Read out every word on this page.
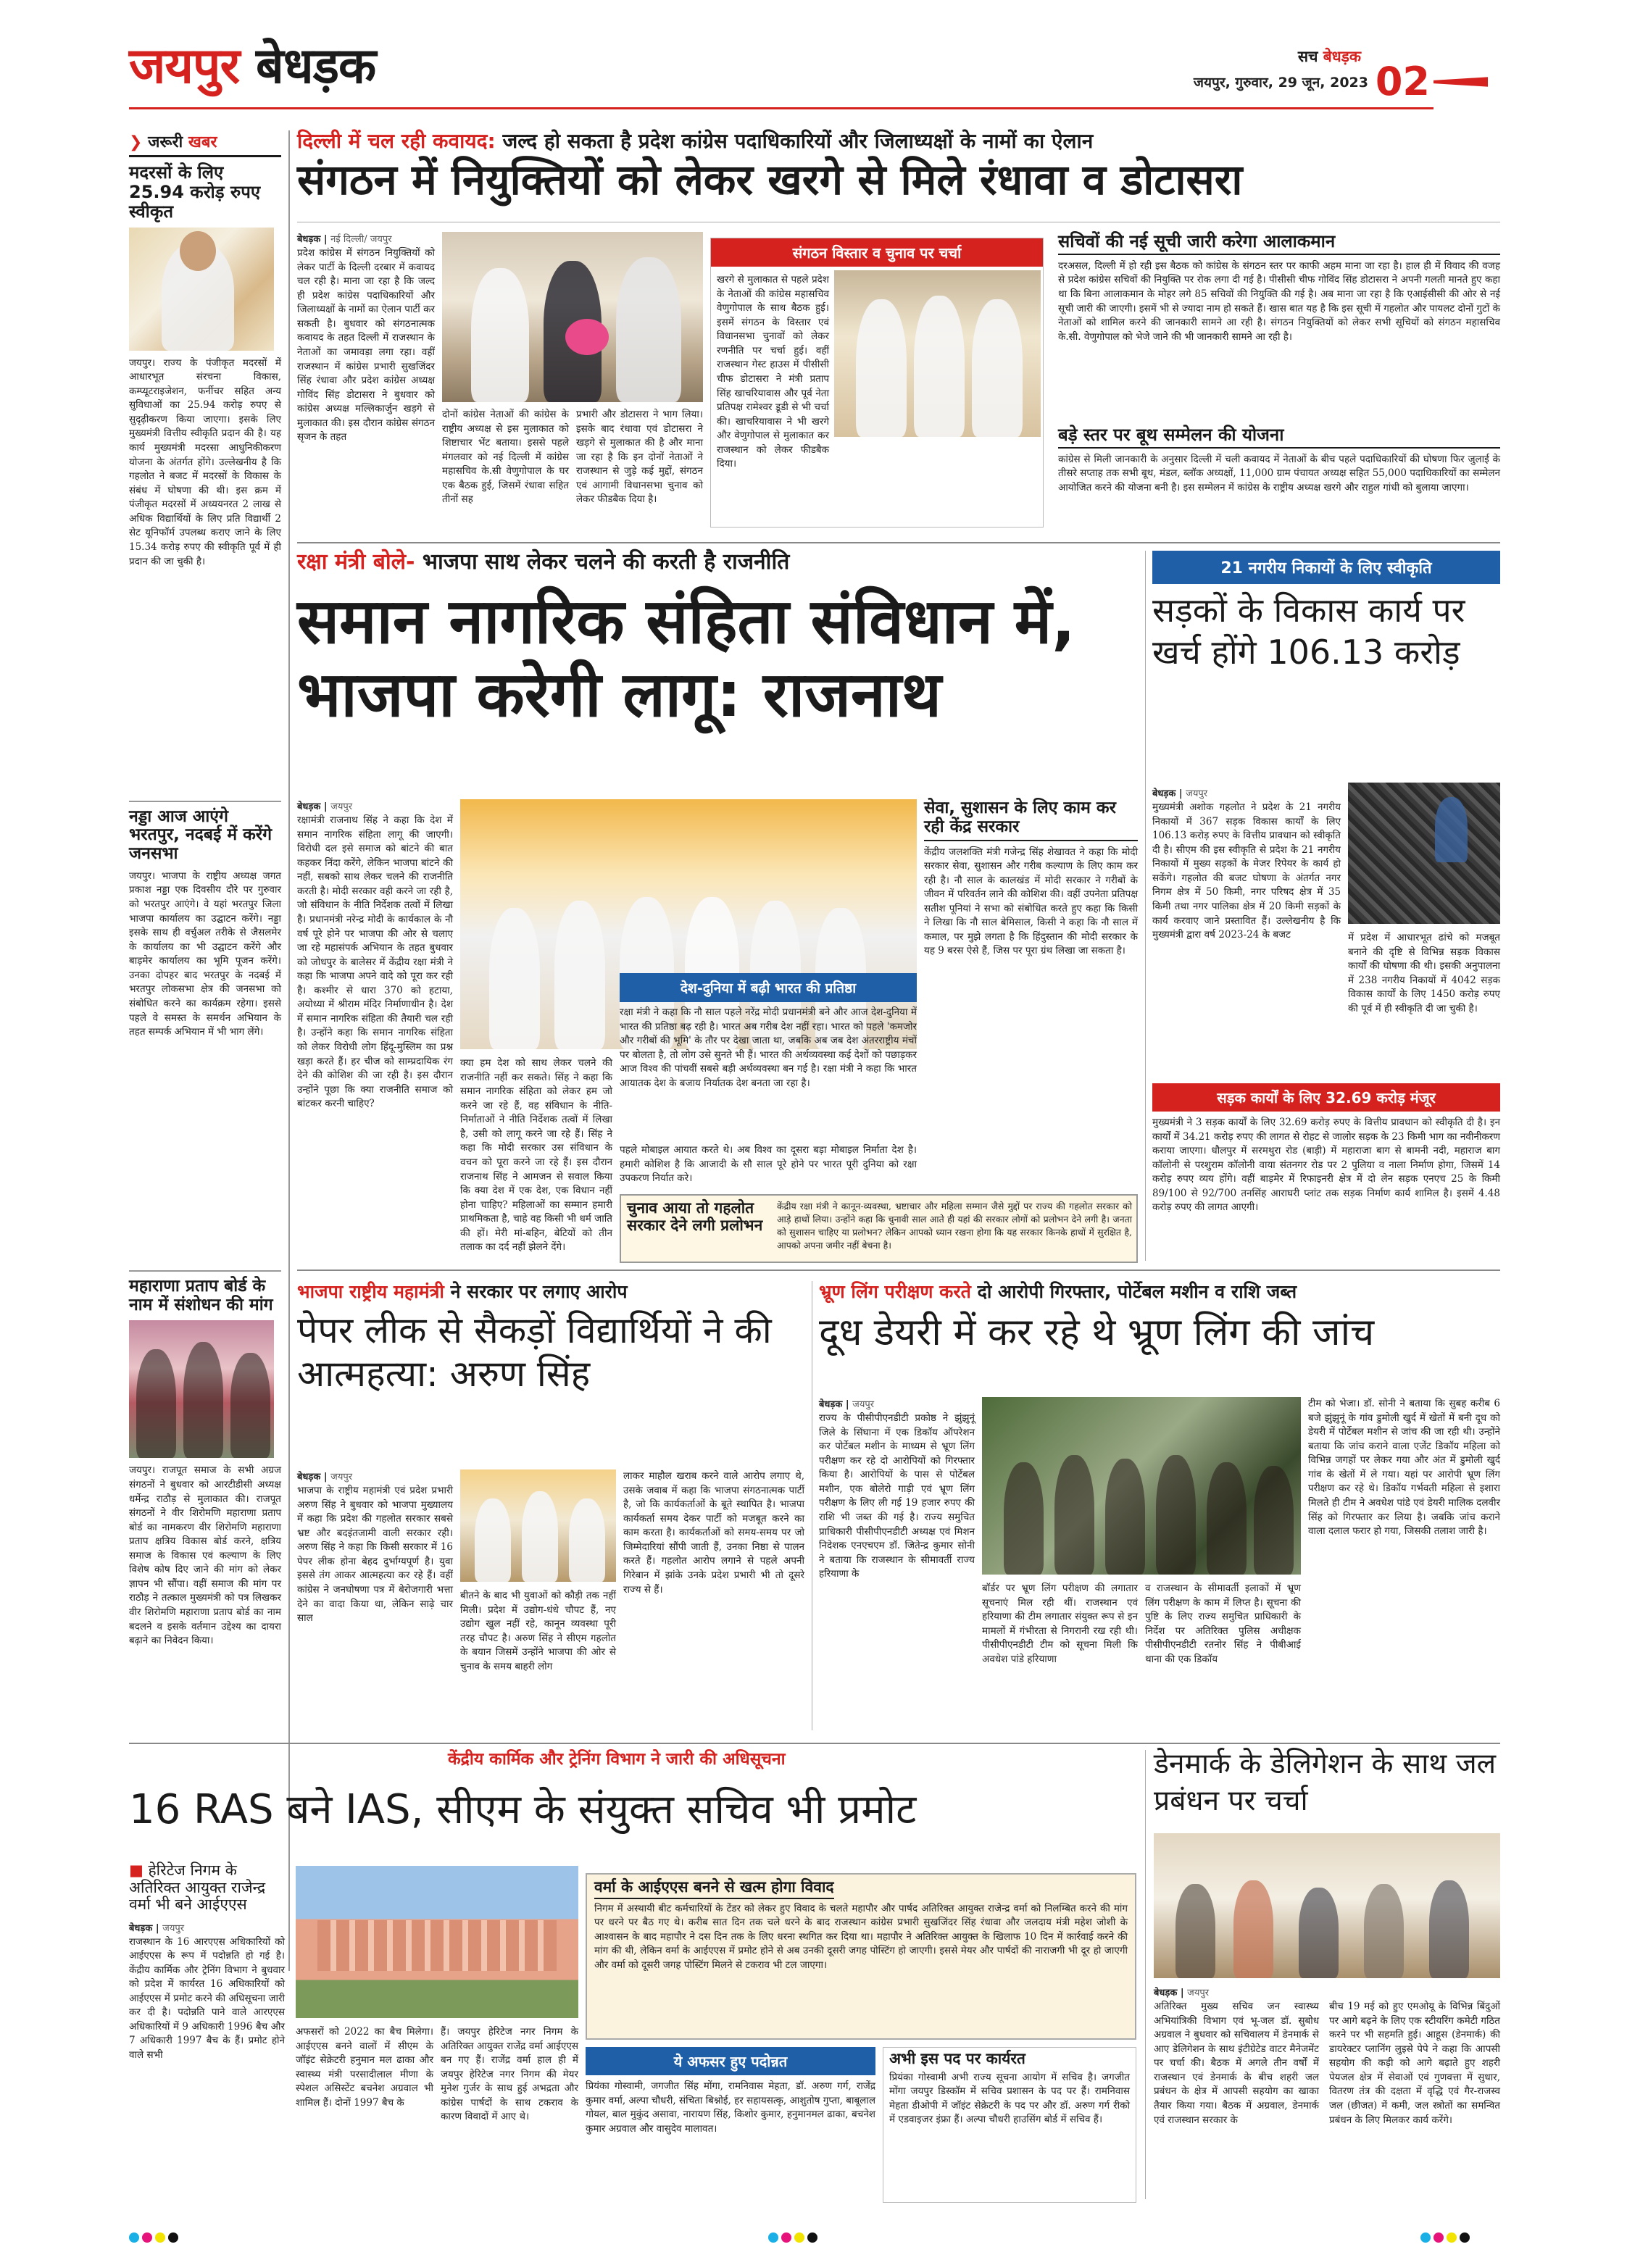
जयपुर बेधड़क	सच बेधड़क
जयपुर, गुरुवार, 29 जून, 2023 02
❯ जरूरी खबर
मदरसों के लिए 25.94 करोड़ रुपए स्वीकृत
जयपुर। राज्य के पंजीकृत मदरसों में आधारभूत संरचना विकास, कम्प्यूटराइजेशन, फर्नीचर सहित अन्य सुविधाओं का 25.94 करोड़ रुपए से सुदृढ़ीकरण किया जाएगा। इसके लिए मुख्यमंत्री वित्तीय स्वीकृति प्रदान की है। यह कार्य मुख्यमंत्री मदरसा आधुनिकीकरण योजना के अंतर्गत होंगे। उल्लेखनीय है कि गहलोत ने बजट में मदरसों के विकास के संबंध में घोषणा की थी। इस क्रम में पंजीकृत मदरसों में अध्ययनरत 2 लाख से अधिक विद्यार्थियों के लिए प्रति विद्यार्थी 2 सेट यूनिफॉर्म उपलब्ध कराए जाने के लिए 15.34 करोड़ रुपए की स्वीकृति पूर्व में ही प्रदान की जा चुकी है।
नड्डा आज आएंगे भरतपुर, नदबई में करेंगे जनसभा
जयपुर। भाजपा के राष्ट्रीय अध्यक्ष जगत प्रकाश नड्डा एक दिवसीय दौरे पर गुरुवार को भरतपुर आएंगे। वे यहां भरतपुर जिला भाजपा कार्यालय का उद्घाटन करेंगे। नड्डा इसके साथ ही वर्चुअल तरीके से जैसलमेर के कार्यालय का भी उद्घाटन करेंगे और बाड़मेर कार्यालय का भूमि पूजन करेंगे। उनका दोपहर बाद भरतपुर के नदबई में भरतपुर लोकसभा क्षेत्र की जनसभा को संबोधित करने का कार्यक्रम रहेगा। इससे पहले वे समस्त के समर्थन अभियान के तहत सम्पर्क अभियान में भी भाग लेंगे।
महाराणा प्रताप बोर्ड के नाम में संशोधन की मांग
जयपुर। राजपूत समाज के सभी अग्रज संगठनों ने बुधवार को आरटीडीसी अध्यक्ष धर्मेन्द्र राठौड़ से मुलाकात की। राजपूत संगठनों ने वीर शिरोमणि महाराणा प्रताप बोर्ड का नामकरण वीर शिरोमणि महाराणा प्रताप क्षत्रिय विकास बोर्ड करने, क्षत्रिय समाज के विकास एवं कल्याण के लिए विशेष कोष दिए जाने की मांग को लेकर ज्ञापन भी सौंपा। वहीं समाज की मांग पर राठौड़ ने तत्काल मुख्यमंत्री को पत्र लिखकर वीर शिरोमणि महाराणा प्रताप बोर्ड का नाम बदलने व इसके वर्तमान उद्देश्य का दायरा बढ़ाने का निवेदन किया।
दिल्ली में चल रही कवायद: जल्द हो सकता है प्रदेश कांग्रेस पदाधिकारियों और जिलाध्यक्षों के नामों का ऐलान
संगठन में नियुक्तियों को लेकर खरगे से मिले रंधावा व डोटासरा
बेधड़क | नई दिल्ली/ जयपुर
प्रदेश कांग्रेस में संगठन नियुक्तियों को लेकर पार्टी के दिल्ली दरबार में कवायद चल रही है। माना जा रहा है कि जल्द ही प्रदेश कांग्रेस पदाधिकारियों और जिलाध्यक्षों के नामों का ऐलान पार्टी कर सकती है। बुधवार को संगठनात्मक कवायद के तहत दिल्ली में राजस्थान के नेताओं का जमावड़ा लगा रहा। वहीं राजस्थान में कांग्रेस प्रभारी सुखजिंदर सिंह रंधावा और प्रदेश कांग्रेस अध्यक्ष गोविंद सिंह डोटासरा ने बुधवार को कांग्रेस अध्यक्ष मल्लिकार्जुन खड़गे से मुलाकात की। इस दौरान कांग्रेस संगठन सृजन के तहत
दोनों कांग्रेस नेताओं की कांग्रेस के राष्ट्रीय अध्यक्ष से इस मुलाकात को शिष्टाचार भेंट बताया। इससे पहले मंगलवार को नई दिल्ली में कांग्रेस महासचिव के.सी वेणुगोपाल के घर एक बैठक हुई, जिसमें रंधावा सहित तीनों सह
प्रभारी और डोटासरा ने भाग लिया। इसके बाद रंधावा एवं डोटासरा ने खड़गे से मुलाकात की है और माना जा रहा है कि इन दोनों नेताओं ने राजस्थान से जुड़े कई मुद्दों, संगठन एवं आगामी विधानसभा चुनाव को लेकर फीडबैक दिया है।
संगठन विस्तार व चुनाव पर चर्चा
खरगे से मुलाकात से पहले प्रदेश के नेताओं की कांग्रेस महासचिव वेणुगोपाल के साथ बैठक हुई। इसमें संगठन के विस्तार एवं विधानसभा चुनावों को लेकर रणनीति पर चर्चा हुई। वहीं राजस्थान गेस्ट हाउस में पीसीसी चीफ डोटासरा ने मंत्री प्रताप सिंह खाचरियावास और पूर्व नेता प्रतिपक्ष रामेश्वर डूडी से भी चर्चा की। खाचरियावास ने भी खरगे और वेणुगोपाल से मुलाकात कर राजस्थान को लेकर फीडबैक दिया।
सचिवों की नई सूची जारी करेगा आलाकमान
दरअसल, दिल्ली में हो रही इस बैठक को कांग्रेस के संगठन स्तर पर काफी अहम माना जा रहा है। हाल ही में विवाद की वजह से प्रदेश कांग्रेस सचिवों की नियुक्ति पर रोक लगा दी गई है। पीसीसी चीफ गोविंद सिंह डोटासरा ने अपनी गलती मानते हुए कहा था कि बिना आलाकमान के मोहर लगे 85 सचिवों की नियुक्ति की गई है। अब माना जा रहा है कि एआईसीसी की ओर से नई सूची जारी की जाएगी। इसमें भी से ज्यादा नाम हो सकते हैं। खास बात यह है कि इस सूची में गहलोत और पायलट दोनों गुटों के नेताओं को शामिल करने की जानकारी सामने आ रही है। संगठन नियुक्तियों को लेकर सभी सूचियों को संगठन महासचिव के.सी. वेणुगोपाल को भेजे जाने की भी जानकारी सामने आ रही है।
बड़े स्तर पर बूथ सम्मेलन की योजना
कांग्रेस से मिली जानकारी के अनुसार दिल्ली में चली कवायद में नेताओं के बीच पहले पदाधिकारियों की घोषणा फिर जुलाई के तीसरे सप्ताह तक सभी बूथ, मंडल, ब्लॉक अध्यक्षों, 11,000 ग्राम पंचायत अध्यक्ष सहित 55,000 पदाधिकारियों का सम्मेलन आयोजित करने की योजना बनी है। इस सम्मेलन में कांग्रेस के राष्ट्रीय अध्यक्ष खरगे और राहुल गांधी को बुलाया जाएगा।
रक्षा मंत्री बोले- भाजपा साथ लेकर चलने की करती है राजनीति
समान नागरिक संहिता संविधान में, भाजपा करेगी लागू: राजनाथ
बेधड़क | जयपुर
रक्षामंत्री राजनाथ सिंह ने कहा कि देश में समान नागरिक संहिता लागू की जाएगी। विरोधी दल इसे समाज को बांटने की बात कहकर निंदा करेंगे, लेकिन भाजपा बांटने की नहीं, सबको साथ लेकर चलने की राजनीति करती है। मोदी सरकार वही करने जा रही है, जो संविधान के नीति निर्देशक तत्वों में लिखा है। प्रधानमंत्री नरेन्द्र मोदी के कार्यकाल के नौ वर्ष पूरे होने पर भाजपा की ओर से चलाए जा रहे महासंपर्क अभियान के तहत बुधवार को जोधपुर के बालेसर में केंद्रीय रक्षा मंत्री ने कहा कि भाजपा अपने वादे को पूरा कर रही है। कश्मीर से धारा 370 को हटाया, अयोध्या में श्रीराम मंदिर निर्माणाधीन है। देश में समान नागरिक संहिता की तैयारी चल रही है। उन्होंने कहा कि समान नागरिक संहिता को लेकर विरोधी लोग हिंदू-मुस्लिम का प्रश्न खड़ा करते हैं। हर चीज को साम्प्रदायिक रंग देने की कोशिश की जा रही है। इस दौरान उन्होंने पूछा कि क्या राजनीति समाज को बांटकर करनी चाहिए?
क्या हम देश को साथ लेकर चलने की राजनीति नहीं कर सकते। सिंह ने कहा कि समान नागरिक संहिता को लेकर हम जो करने जा रहे हैं, वह संविधान के नीति-निर्माताओं ने नीति निर्देशक तत्वों में लिखा है, उसी को लागू करने जा रहे हैं। सिंह ने कहा कि मोदी सरकार उस संविधान के वचन को पूरा करने जा रहे हैं। इस दौरान राजनाथ सिंह ने आमजन से सवाल किया कि क्या देश में एक देश, एक विधान नहीं होना चाहिए? महिलाओं का सम्मान हमारी प्राथमिकता है, चाहे वह किसी भी धर्म जाति की हों। मेरी मां-बहिन, बेटियों को तीन तलाक का दर्द नहीं झेलने देंगे।
देश-दुनिया में बढ़ी भारत की प्रतिष्ठा
रक्षा मंत्री ने कहा कि नौ साल पहले नरेंद्र मोदी प्रधानमंत्री बने और आज देश-दुनिया में भारत की प्रतिष्ठा बढ़ रही है। भारत अब गरीब देश नहीं रहा। भारत को पहले 'कमजोर और गरीबों की भूमि' के तौर पर देखा जाता था, जबकि अब जब देश अंतरराष्ट्रीय मंचों पर बोलता है, तो लोग उसे सुनते भी हैं। भारत की अर्थव्यवस्था कई देशों को पछाड़कर आज विश्व की पांचवीं सबसे बड़ी अर्थव्यवस्था बन गई है। रक्षा मंत्री ने कहा कि भारत आयातक देश के बजाय निर्यातक देश बनता जा रहा है।
पहले मोबाइल आयात करते थे। अब विश्व का दूसरा बड़ा मोबाइल निर्माता देश है। हमारी कोशिश है कि आजादी के सौ साल पूरे होने पर भारत पूरी दुनिया को रक्षा उपकरण निर्यात करे।
सेवा, सुशासन के लिए काम कर रही केंद्र सरकार
केंद्रीय जलशक्ति मंत्री गजेन्द्र सिंह शेखावत ने कहा कि मोदी सरकार सेवा, सुशासन और गरीब कल्याण के लिए काम कर रही है। नौ साल के कालखंड में मोदी सरकार ने गरीबों के जीवन में परिवर्तन लाने की कोशिश की। वहीं उपनेता प्रतिपक्ष सतीश पूनियां ने सभा को संबोधित करते हुए कहा कि किसी ने लिखा कि नौ साल बेमिसाल, किसी ने कहा कि नौ साल में कमाल, पर मुझे लगता है कि हिंदुस्तान की मोदी सरकार के यह 9 बरस ऐसे हैं, जिस पर पूरा ग्रंथ लिखा जा सकता है।
चुनाव आया तो गहलोत सरकार देने लगी प्रलोभन
केंद्रीय रक्षा मंत्री ने कानून-व्यवस्था, भ्रष्टाचार और महिला सम्मान जैसे मुद्दों पर राज्य की गहलोत सरकार को आड़े हाथों लिया। उन्होंने कहा कि चुनावी साल आते ही यहां की सरकार लोगों को प्रलोभन देने लगी है। जनता को सुशासन चाहिए या प्रलोभन? लेकिन आपको ध्यान रखना होगा कि यह सरकार किनके हाथों में सुरक्षित है, आपको अपना जमीर नहीं बेचना है।
21 नगरीय निकायों के लिए स्वीकृति
सड़कों के विकास कार्य पर खर्च होंगे 106.13 करोड़
बेधड़क | जयपुर
मुख्यमंत्री अशोक गहलोत ने प्रदेश के 21 नगरीय निकायों में 367 सड़क विकास कार्यों के लिए 106.13 करोड़ रुपए के वित्तीय प्रावधान को स्वीकृति दी है। सीएम की इस स्वीकृति से प्रदेश के 21 नगरीय निकायों में मुख्य सड़कों के मेजर रिपेयर के कार्य हो सकेंगे। गहलोत की बजट घोषणा के अंतर्गत नगर निगम क्षेत्र में 50 किमी, नगर परिषद क्षेत्र में 35 किमी तथा नगर पालिका क्षेत्र में 20 किमी सड़कों के कार्य करवाए जाने प्रस्तावित हैं। उल्लेखनीय है कि मुख्यमंत्री द्वारा वर्ष 2023-24 के बजट	में प्रदेश में आधारभूत ढांचे को मजबूत बनाने की दृष्टि से विभिन्न सड़क विकास कार्यों की घोषणा की थी। इसकी अनुपालना में 238 नगरीय निकायों में 4042 सड़क विकास कार्यों के लिए 1450 करोड़ रुपए की पूर्व में ही स्वीकृति दी जा चुकी है।
सड़क कार्यों के लिए 32.69 करोड़ मंजूर
मुख्यमंत्री ने 3 सड़क कार्यों के लिए 32.69 करोड़ रुपए के वित्तीय प्रावधान को स्वीकृति दी है। इन कार्यों में 34.21 करोड़ रुपए की लागत से रोहट से जालोर सड़क के 23 किमी भाग का नवीनीकरण कराया जाएगा। धौलपुर में सरमथुरा रोड (बाड़ी) में महाराजा बाग से बामनी नदी, महाराज बाग कॉलोनी से परशुराम कॉलोनी वाया संतनगर रोड पर 2 पुलिया व नाला निर्माण होगा, जिसमें 14 करोड़ रुपए व्यय होंगे। वहीं बाड़मेर में रिफाइनरी क्षेत्र में दो लेन सड़क एनएच 25 के किमी 89/100 से 92/700 तनसिंह आराघरी प्लांट तक सड़क निर्माण कार्य शामिल है। इसमें 4.48 करोड़ रुपए की लागत आएगी।
भाजपा राष्ट्रीय महामंत्री ने सरकार पर लगाए आरोप
पेपर लीक से सैकड़ों विद्यार्थियों ने की आत्महत्या: अरुण सिंह
बेधड़क | जयपुर
भाजपा के राष्ट्रीय महामंत्री एवं प्रदेश प्रभारी अरुण सिंह ने बुधवार को भाजपा मुख्यालय में कहा कि प्रदेश की गहलोत सरकार सबसे भ्रष्ट और बदइंतजामी वाली सरकार रही। अरुण सिंह ने कहा कि किसी सरकार में 16 पेपर लीक होना बेहद दुर्भाग्यपूर्ण है। युवा इससे तंग आकर आत्महत्या कर रहे हैं। वहीं कांग्रेस ने जनघोषणा पत्र में बेरोजगारी भत्ता देने का वादा किया था, लेकिन साढ़े चार साल
बीतने के बाद भी युवाओं को कौड़ी तक नहीं मिली। प्रदेश में उद्योग-धंधे चौपट हैं, नए उद्योग खुल नहीं रहे, कानून व्यवस्था पूरी तरह चौपट है। अरुण सिंह ने सीएम गहलोत के बयान जिसमें उन्होंने भाजपा की ओर से चुनाव के समय बाहरी लोग
लाकर माहौल खराब करने वाले आरोप लगाए थे, उसके जवाब में कहा कि भाजपा संगठनात्मक पार्टी है, जो कि कार्यकर्ताओं के बूते स्थापित है। भाजपा कार्यकर्ता समय देकर पार्टी को मजबूत करने का काम करता है। कार्यकर्ताओं को समय-समय पर जो जिम्मेदारियां सौंपी जाती हैं, उनका निष्ठा से पालन करते हैं। गहलोत आरोप लगाने से पहले अपनी गिरेबान में झांके उनके प्रदेश प्रभारी भी तो दूसरे राज्य से हैं।
भ्रूण लिंग परीक्षण करते दो आरोपी गिरफ्तार, पोर्टेबल मशीन व राशि जब्त
दूध डेयरी में कर रहे थे भ्रूण लिंग की जांच
बेधड़क | जयपुर
राज्य के पीसीपीएनडीटी प्रकोष्ठ ने झुंझुनूं जिले के सिंघाना में एक डिकॉय ऑपरेशन कर पोर्टेबल मशीन के माध्यम से भ्रूण लिंग परीक्षण कर रहे दो आरोपियों को गिरफ्तार किया है। आरोपियों के पास से पोर्टेबल मशीन, एक बोलेरो गाड़ी एवं भ्रूण लिंग परीक्षण के लिए ली गई 19 हजार रुपए की राशि भी जब्त की गई है। राज्य समुचित प्राधिकारी पीसीपीएनडीटी अध्यक्ष एवं मिशन निदेशक एनएचएम डॉ. जितेन्द्र कुमार सोनी ने बताया कि राजस्थान के सीमावर्ती राज्य हरियाणा के
बॉर्डर पर भ्रूण लिंग परीक्षण की लगातार सूचनाएं मिल रही थीं। राजस्थान एवं हरियाणा की टीम लगातार संयुक्त रूप से इन मामलों में गंभीरता से निगरानी रख रही थी। पीसीपीएनडीटी टीम को सूचना मिली कि अवधेश पांडे हरियाणा
व राजस्थान के सीमावर्ती इलाकों में भ्रूण लिंग परीक्षण के काम में लिप्त है। सूचना की पुष्टि के लिए राज्य समुचित प्राधिकारी के निर्देश पर अतिरिक्त पुलिस अधीक्षक पीसीपीएनडीटी रतनोर सिंह ने पीबीआई थाना की एक डिकॉय
टीम को भेजा। डॉ. सोनी ने बताया कि सुबह करीब 6 बजे झुंझुनूं के गांव डुमोली खुर्द में खेतों में बनी दूध को डेयरी में पोर्टेबल मशीन से जांच की जा रही थी। उन्होंने बताया कि जांच कराने वाला एजेंट डिकॉय महिला को विभिन्न जगहों पर लेकर गया और अंत में डुमोली खुर्द गांव के खेतों में ले गया। यहां पर आरोपी भ्रूण लिंग परीक्षण कर रहे थे। डिकॉय गर्भवती महिला से इशारा मिलते ही टीम ने अवधेश पांडे एवं डेयरी मालिक दलवीर सिंह को गिरफ्तार कर लिया है। जबकि जांच कराने वाला दलाल फरार हो गया, जिसकी तलाश जारी है।
केंद्रीय कार्मिक और ट्रेनिंग विभाग ने जारी की अधिसूचना
16 RAS बने IAS, सीएम के संयुक्त सचिव भी प्रमोट
■ हेरिटेज निगम के अतिरिक्त आयुक्त राजेन्द्र वर्मा भी बने आईएएस
बेधड़क | जयपुर
राजस्थान के 16 आरएएस अधिकारियों को आईएएस के रूप में पदोन्नति हो गई है। केंद्रीय कार्मिक और ट्रेनिंग विभाग ने बुधवार को प्रदेश में कार्यरत 16 अधिकारियों को आईएएस में प्रमोट करने की अधिसूचना जारी कर दी है। पदोन्नति पाने वाले आरएएस अधिकारियों में 9 अधिकारी 1996 बैच और 7 अधिकारी 1997 बैच के हैं। प्रमोट होने वाले सभी
अफसरों को 2022 का बैच मिलेगा। आईएएस बनने वालों में सीएम के जॉइंट सेक्रेटरी हनुमान मल ढाका और स्वास्थ्य मंत्री परसादीलाल मीणा के स्पेशल असिस्टेंट बचनेश अग्रवाल भी शामिल हैं। दोनों 1997 बैच के
हैं। जयपुर हेरिटेज नगर निगम के अतिरिक्त आयुक्त राजेंद्र वर्मा आईएएस बन गए हैं। राजेंद्र वर्मा हाल ही में जयपुर हेरिटेज नगर निगम की मेयर मुनेश गुर्जर के साथ हुई अभद्रता और कांग्रेस पार्षदों के साथ टकराव के कारण विवादों में आए थे।
वर्मा के आईएएस बनने से खत्म होगा विवाद
निगम में अस्थायी बीट कर्मचारियों के टेंडर को लेकर हुए विवाद के चलते महापौर और पार्षद अतिरिक्त आयुक्त राजेन्द्र वर्मा को निलम्बित करने की मांग पर धरने पर बैठ गए थे। करीब सात दिन तक चले धरने के बाद राजस्थान कांग्रेस प्रभारी सुखजिंदर सिंह रंधावा और जलदाय मंत्री महेश जोशी के आश्वासन के बाद महापौर ने दस दिन तक के लिए धरना स्थगित कर दिया था। महापौर ने अतिरिक्त आयुक्त के खिलाफ 10 दिन में कार्रवाई करने की मांग की थी, लेकिन वर्मा के आईएएस में प्रमोट होने से अब उनकी दूसरी जगह पोस्टिंग हो जाएगी। इससे मेयर और पार्षदों की नाराजगी भी दूर हो जाएगी और वर्मा को दूसरी जगह पोस्टिंग मिलने से टकराव भी टल जाएगा।
ये अफसर हुए पदोन्नत
प्रियंका गोस्वामी, जगजीत सिंह मोंगा, रामनिवास मेहता, डॉ. अरुण गर्ग, राजेंद्र कुमार वर्मा, अल्पा चौधरी, संचिता बिश्नोई, हर सहायसत्कृ, आशुतोष गुप्ता, बाबूलाल गोयल, बाल मुकुंद असावा, नारायण सिंह, किशोर कुमार, हनुमानमल ढाका, बचनेश कुमार अग्रवाल और वासुदेव मालावत।
अभी इस पद पर कार्यरत
प्रियंका गोस्वामी अभी राज्य सूचना आयोग में सचिव है। जगजीत मोंगा जयपुर डिस्कॉम में सचिव प्रशासन के पद पर हैं। रामनिवास मेहता डीओपी में जॉइंट सेक्रेटरी के पद पर और डॉ. अरुण गर्ग रीको में एडवाइजर इंफ्रा हैं। अल्पा चौधरी हाउसिंग बोर्ड में सचिव हैं।
डेनमार्क के डेलिगेशन के साथ जल प्रबंधन पर चर्चा
बेधड़क | जयपुर
अतिरिक्त मुख्य सचिव जन स्वास्थ्य अभियांत्रिकी विभाग एवं भू-जल डॉ. सुबोध अग्रवाल ने बुधवार को सचिवालय में डेनमार्क से आए डेलिगेशन के साथ इंटीग्रेटेड वाटर मैनेजमेंट पर चर्चा की। बैठक में अगले तीन वर्षों में राजस्थान एवं डेनमार्क के बीच शहरी जल प्रबंधन के क्षेत्र में आपसी सहयोग का खाका तैयार किया गया। बैठक में अग्रवाल, डेनमार्क एवं राजस्थान सरकार के
बीच 19 मई को हुए एमओयू के विभिन्न बिंदुओं पर आगे बढ़ने के लिए एक स्टीयरिंग कमेटी गठित करने पर भी सहमति हुई। आहूस (डेनमार्क) की डायरेक्टर प्लानिंग लुइसे पेपे ने कहा कि आपसी सहयोग की कड़ी को आगे बढ़ाते हुए शहरी पेयजल क्षेत्र में सेवाओं एवं गुणवत्ता में सुधार, वितरण तंत्र की दक्षता में वृद्धि एवं गैर-राजस्व जल (छीजत) में कमी, जल स्त्रोतों का समन्वित प्रबंधन के लिए मिलकर कार्य करेंगे।
